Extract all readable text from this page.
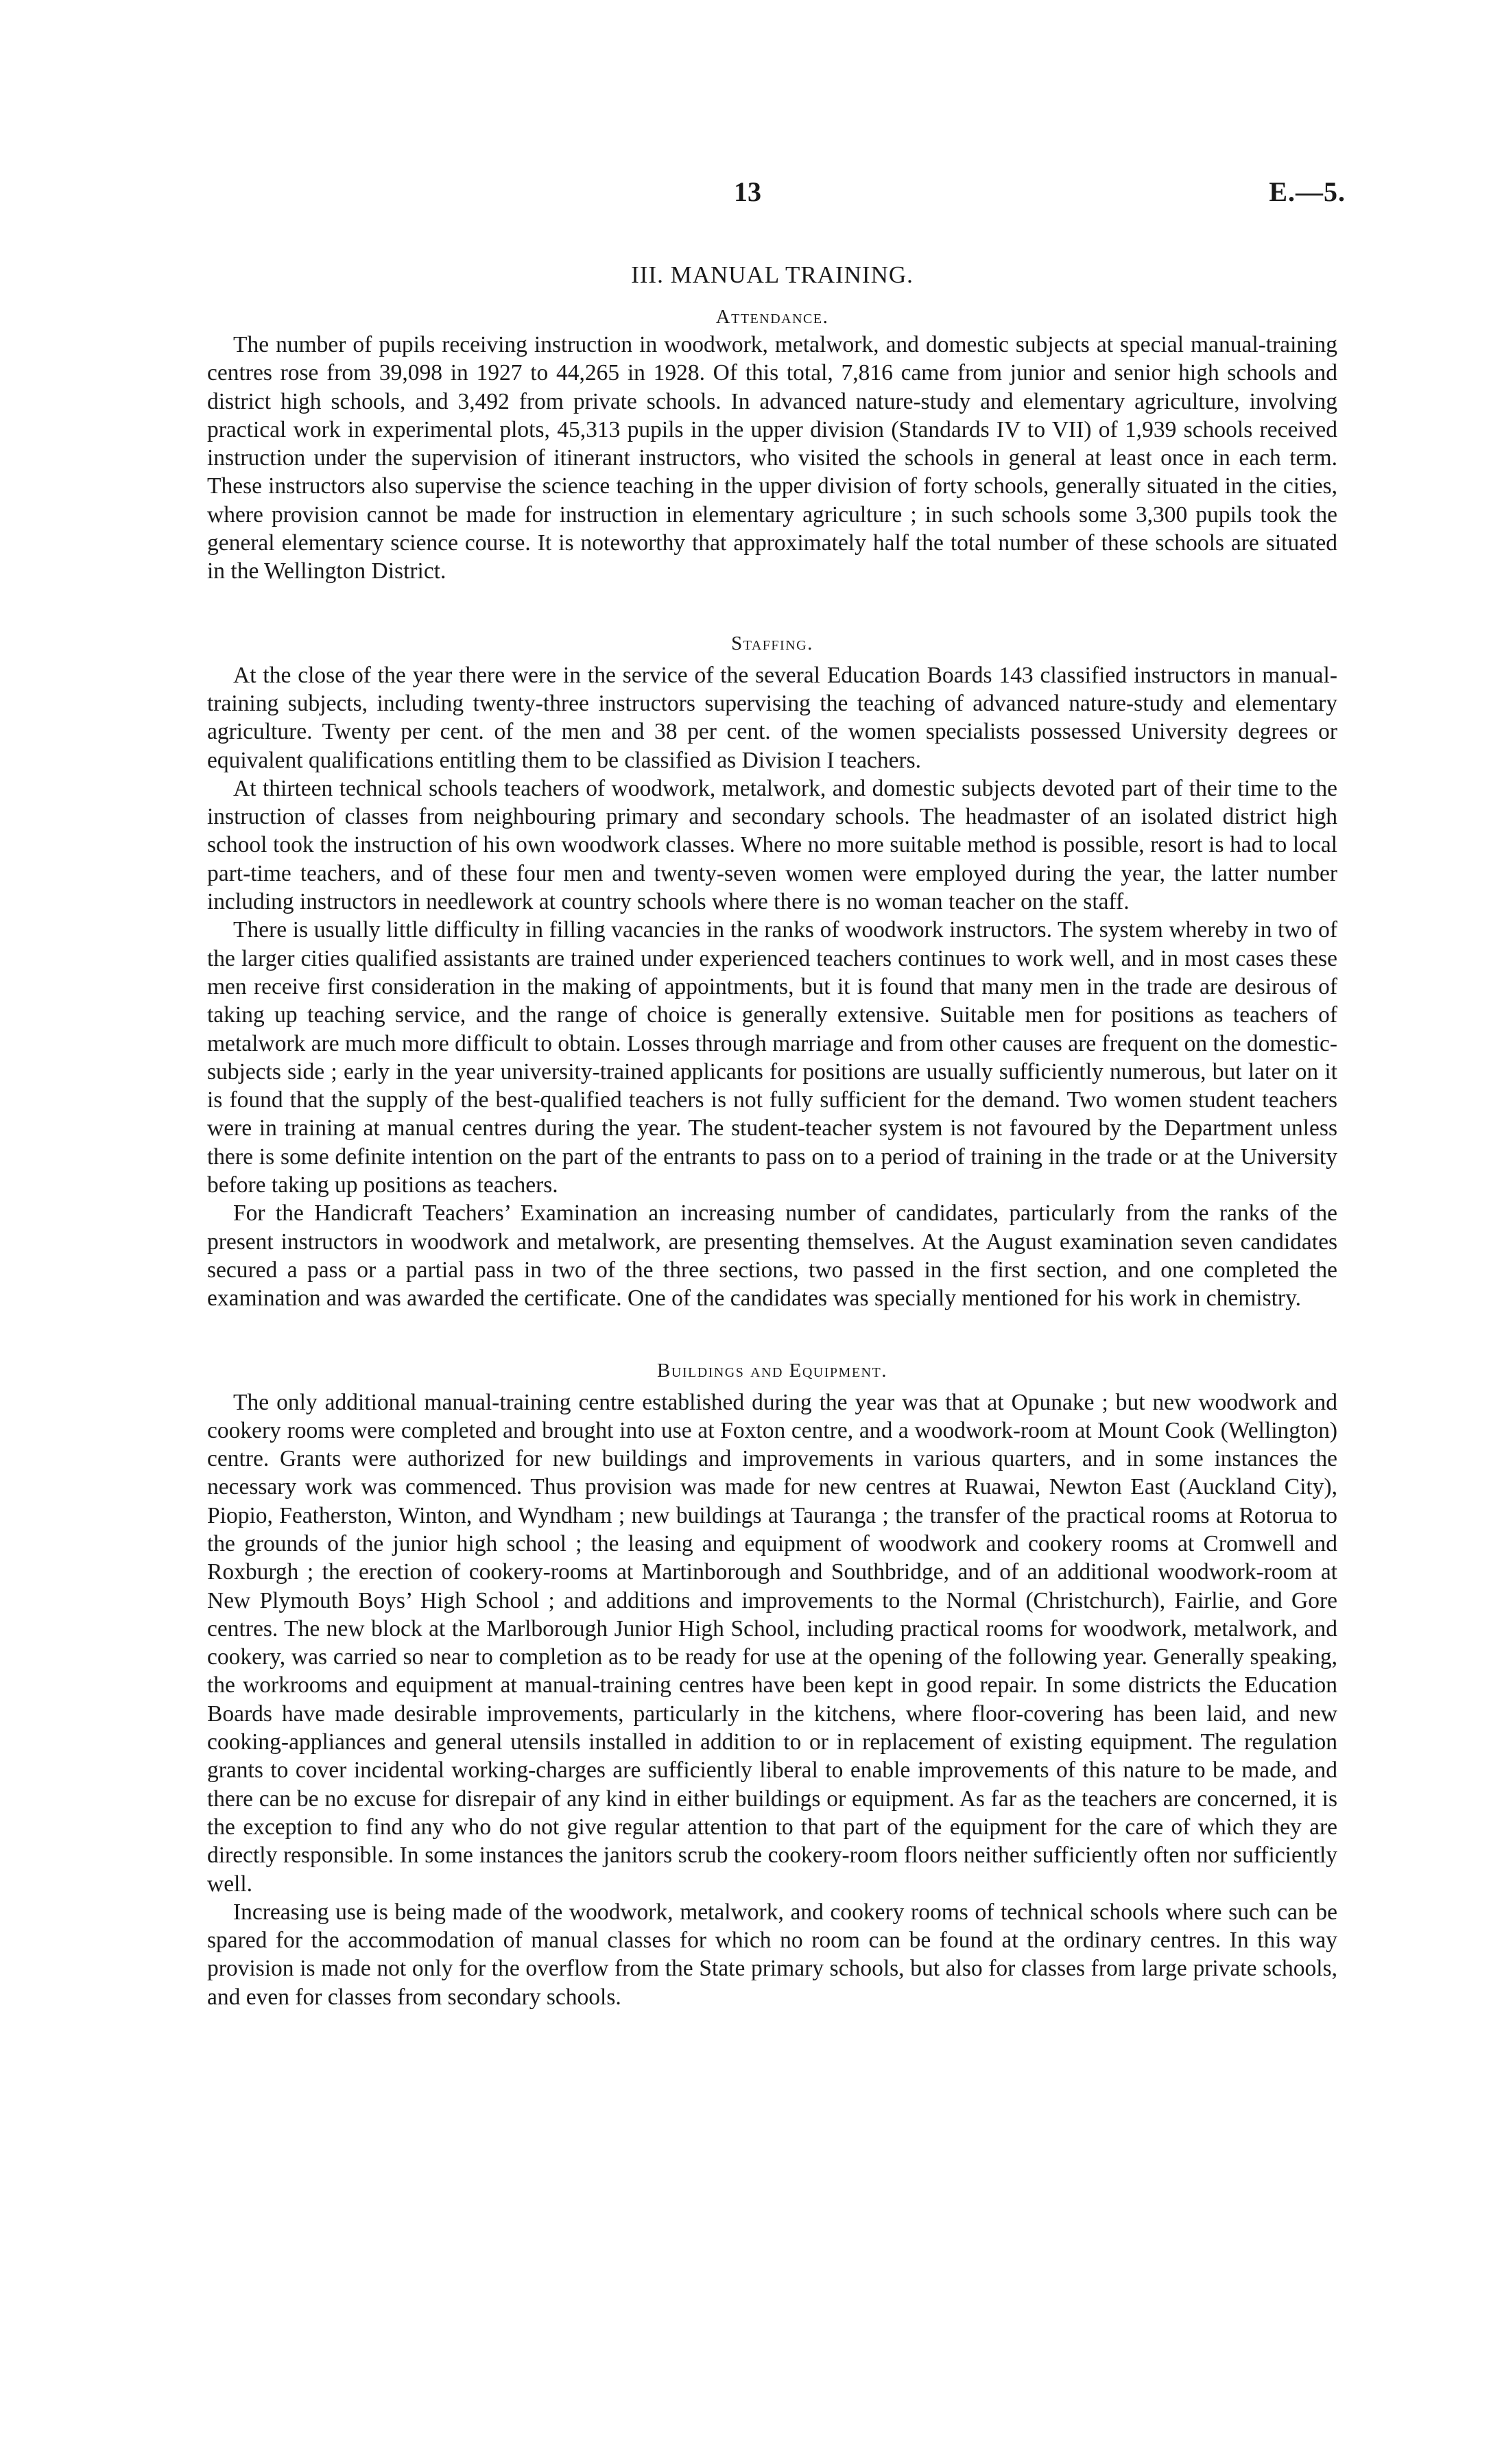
13	E.—5.
III. MANUAL TRAINING.
Attendance.

The number of pupils receiving instruction in woodwork, metalwork, and domestic subjects at special manual-training centres rose from 39,098 in 1927 to 44,265 in 1928. Of this total, 7,816 came from junior and senior high schools and district high schools, and 3,492 from private schools. In advanced nature-study and elementary agriculture, involving practical work in experimental plots, 45,313 pupils in the upper division (Standards IV to VII) of 1,939 schools received instruction under the supervision of itinerant instructors, who visited the schools in general at least once in each term. These instructors also supervise the science teaching in the upper division of forty schools, generally situated in the cities, where provision cannot be made for instruction in elementary agriculture ; in such schools some 3,300 pupils took the general elementary science course. It is noteworthy that approximately half the total number of these schools are situated in the Wellington District.

Staffing.

At the close of the year there were in the service of the several Education Boards 143 classified instructors in manual-training subjects, including twenty-three instructors supervising the teaching of advanced nature-study and elementary agriculture. Twenty per cent. of the men and 38 per cent. of the women specialists possessed University degrees or equivalent qualifications entitling them to be classified as Division I teachers.

At thirteen technical schools teachers of woodwork, metalwork, and domestic subjects devoted part of their time to the instruction of classes from neighbouring primary and secondary schools. The headmaster of an isolated district high school took the instruction of his own woodwork classes. Where no more suitable method is possible, resort is had to local part-time teachers, and of these four men and twenty-seven women were employed during the year, the latter number including instructors in needlework at country schools where there is no woman teacher on the staff.

There is usually little difficulty in filling vacancies in the ranks of woodwork instructors. The system whereby in two of the larger cities qualified assistants are trained under experienced teachers continues to work well, and in most cases these men receive first consideration in the making of appointments, but it is found that many men in the trade are desirous of taking up teaching service, and the range of choice is generally extensive. Suitable men for positions as teachers of metalwork are much more difficult to obtain. Losses through marriage and from other causes are frequent on the domestic-subjects side ; early in the year university-trained applicants for positions are usually sufficiently numerous, but later on it is found that the supply of the best-qualified teachers is not fully sufficient for the demand. Two women student teachers were in training at manual centres during the year. The student-teacher system is not favoured by the Department unless there is some definite intention on the part of the entrants to pass on to a period of training in the trade or at the University before taking up positions as teachers.

For the Handicraft Teachers’ Examination an increasing number of candidates, particularly from the ranks of the present instructors in woodwork and metalwork, are presenting themselves. At the August examination seven candidates secured a pass or a partial pass in two of the three sections, two passed in the first section, and one completed the examination and was awarded the certificate. One of the candidates was specially mentioned for his work in chemistry.

Buildings and Equipment.

The only additional manual-training centre established during the year was that at Opunake ; but new woodwork and cookery rooms were completed and brought into use at Foxton centre, and a woodwork-room at Mount Cook (Wellington) centre. Grants were authorized for new buildings and improvements in various quarters, and in some instances the necessary work was commenced. Thus provision was made for new centres at Ruawai, Newton East (Auckland City), Piopio, Featherston, Winton, and Wyndham ; new buildings at Tauranga ; the transfer of the practical rooms at Rotorua to the grounds of the junior high school ; the leasing and equipment of woodwork and cookery rooms at Cromwell and Roxburgh ; the erection of cookery-rooms at Martinborough and Southbridge, and of an additional woodwork-room at New Plymouth Boys’ High School ; and additions and improvements to the Normal (Christchurch), Fairlie, and Gore centres. The new block at the Marlborough Junior High School, including practical rooms for woodwork, metalwork, and cookery, was carried so near to completion as to be ready for use at the opening of the following year. Generally speaking, the workrooms and equipment at manual-training centres have been kept in good repair. In some districts the Education Boards have made desirable improvements, particularly in the kitchens, where floor-covering has been laid, and new cooking-appliances and general utensils installed in addition to or in replacement of existing equipment. The regulation grants to cover incidental working-charges are sufficiently liberal to enable improvements of this nature to be made, and there can be no excuse for disrepair of any kind in either buildings or equipment. As far as the teachers are concerned, it is the exception to find any who do not give regular attention to that part of the equipment for the care of which they are directly responsible. In some instances the janitors scrub the cookery-room floors neither sufficiently often nor sufficiently well.

Increasing use is being made of the woodwork, metalwork, and cookery rooms of technical schools where such can be spared for the accommodation of manual classes for which no room can be found at the ordinary centres. In this way provision is made not only for the overflow from the State primary schools, but also for classes from large private schools, and even for classes from secondary schools.
